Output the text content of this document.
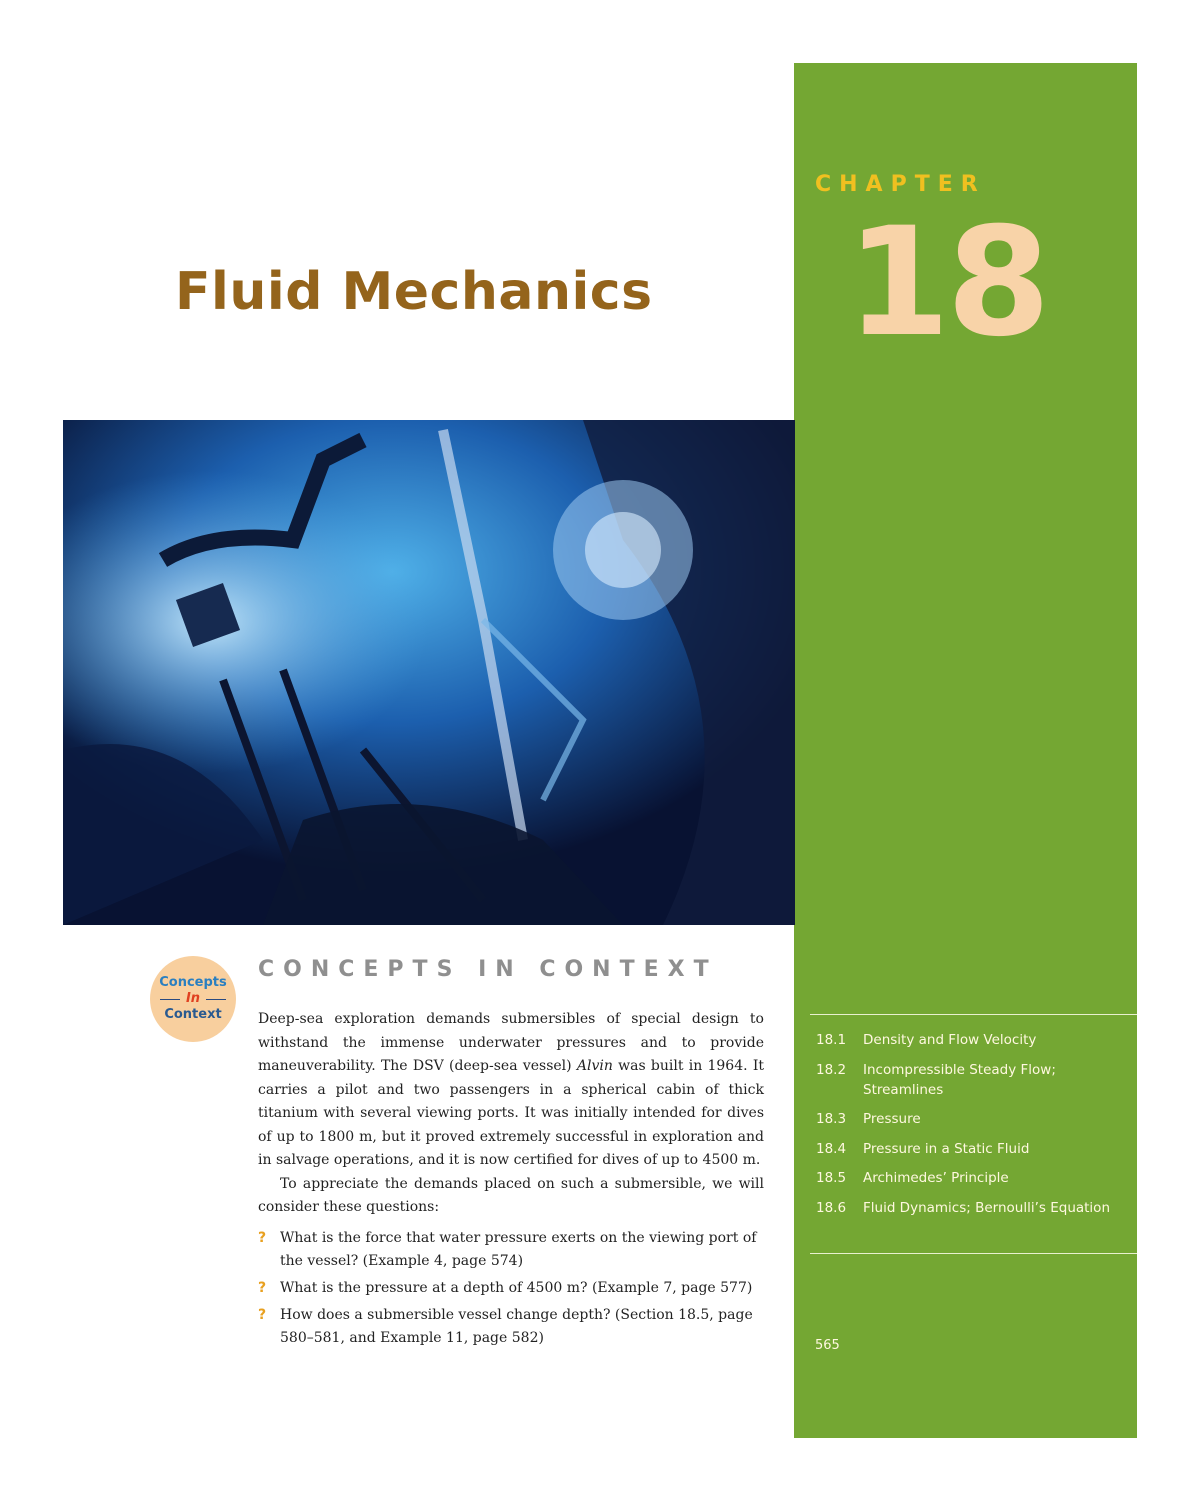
CHAPTER
18
Fluid Mechanics
Concepts
In
Context
CONCEPTS IN CONTEXT

Deep-sea exploration demands submersibles of special design to withstand the immense underwater pressures and to provide maneuverability. The DSV (deep-sea vessel) Alvin was built in 1964. It carries a pilot and two passengers in a spherical cabin of thick titanium with several viewing ports. It was initially intended for dives of up to 1800 m, but it proved extremely successful in exploration and in salvage operations, and it is now certified for dives of up to 4500 m.

To appreciate the demands placed on such a submersible, we will consider these questions:

? What is the force that water pressure exerts on the viewing port of the vessel? (Example 4, page 574)
? What is the pressure at a depth of 4500 m? (Example 7, page 577)
? How does a submersible vessel change depth? (Section 18.5, page 580–581, and Example 11, page 582)
18.1	Density and Flow Velocity
18.2	Incompressible Steady Flow; Streamlines
18.3	Pressure
18.4	Pressure in a Static Fluid
18.5	Archimedes’ Principle
18.6	Fluid Dynamics; Bernoulli’s Equation
565
